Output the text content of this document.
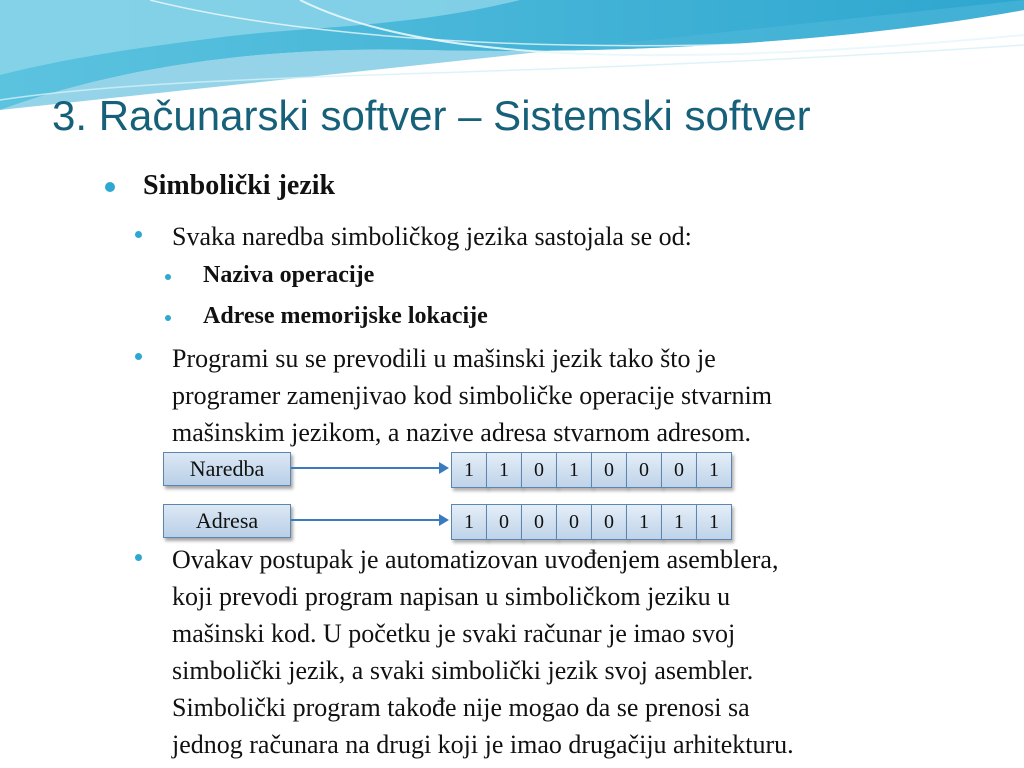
3. Računarski softver – Sistemski softver
Simbolički jezik
Svaka naredba simboličkog jezika sastojala se od:
Naziva operacije
Adrese memorijske lokacije
Programi su se prevodili u mašinski jezik tako što je
programer zamenjivao kod simboličke operacije stvarnim
mašinskim jezikom, a nazive adresa stvarnom adresom.
Naredba	1	1	0	1	0	0	0	1
Adresa	1	0	0	0	0	1	1	1
Ovakav postupak je automatizovan uvođenjem asemblera,
koji prevodi program napisan u simboličkom jeziku u
mašinski kod. U početku je svaki računar je imao svoj
simbolički jezik, a svaki simbolički jezik svoj asembler.
Simbolički program takođe nije mogao da se prenosi sa
jednog računara na drugi koji je imao drugačiju arhitekturu.
